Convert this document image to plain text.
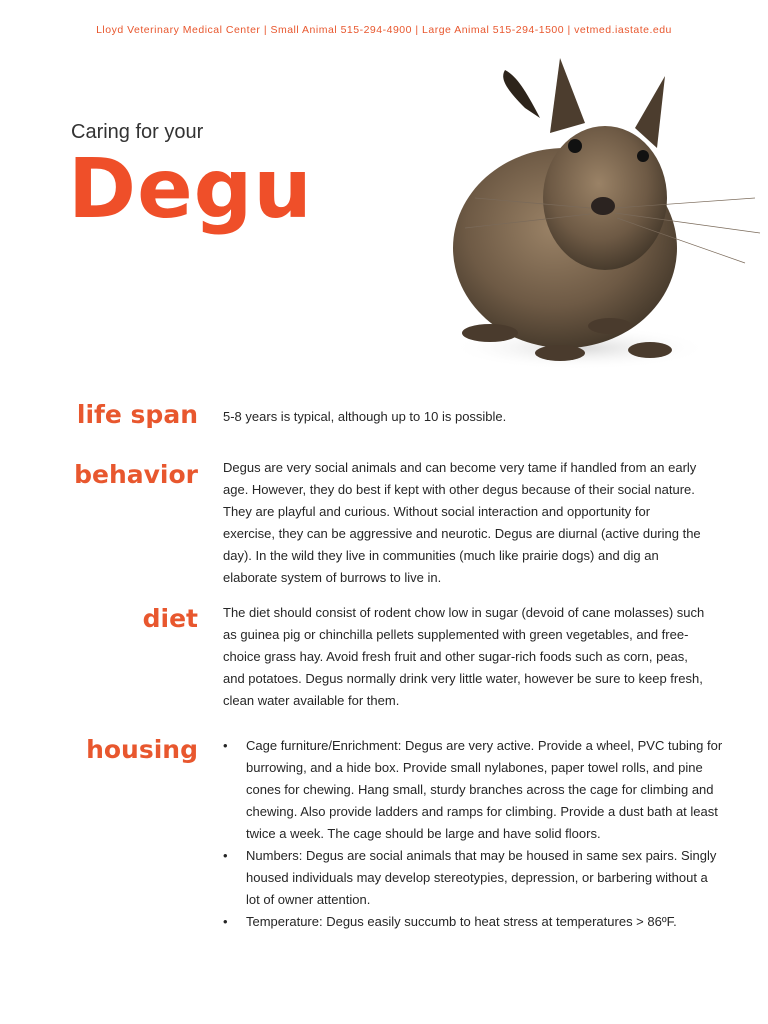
Lloyd Veterinary Medical Center | Small Animal 515-294-4900 | Large Animal 515-294-1500 | vetmed.iastate.edu
Caring for your
Degu
life span 5-8 years is typical, although up to 10 is possible.
behavior Degus are very social animals and can become very tame if handled from an early age. However, they do best if kept with other degus because of their social nature. They are playful and curious. Without social interaction and opportunity for exercise, they can be aggressive and neurotic. Degus are diurnal (active during the day). In the wild they live in communities (much like prairie dogs) and dig an elaborate system of burrows to live in.
diet The diet should consist of rodent chow low in sugar (devoid of cane molasses) such as guinea pig or chinchilla pellets supplemented with green vegetables, and free-choice grass hay. Avoid fresh fruit and other sugar-rich foods such as corn, peas, and potatoes. Degus normally drink very little water, however be sure to keep fresh, clean water available for them.
housing • Cage furniture/Enrichment: Degus are very active. Provide a wheel, PVC tubing for burrowing, and a hide box. Provide small nylabones, paper towel rolls, and pine cones for chewing. Hang small, sturdy branches across the cage for climbing and chewing. Also provide ladders and ramps for climbing. Provide a dust bath at least twice a week. The cage should be large and have solid floors.
• Numbers: Degus are social animals that may be housed in same sex pairs. Singly housed individuals may develop stereotypies, depression, or barbering without a lot of owner attention.
• Temperature: Degus easily succumb to heat stress at temperatures > 86ºF.
